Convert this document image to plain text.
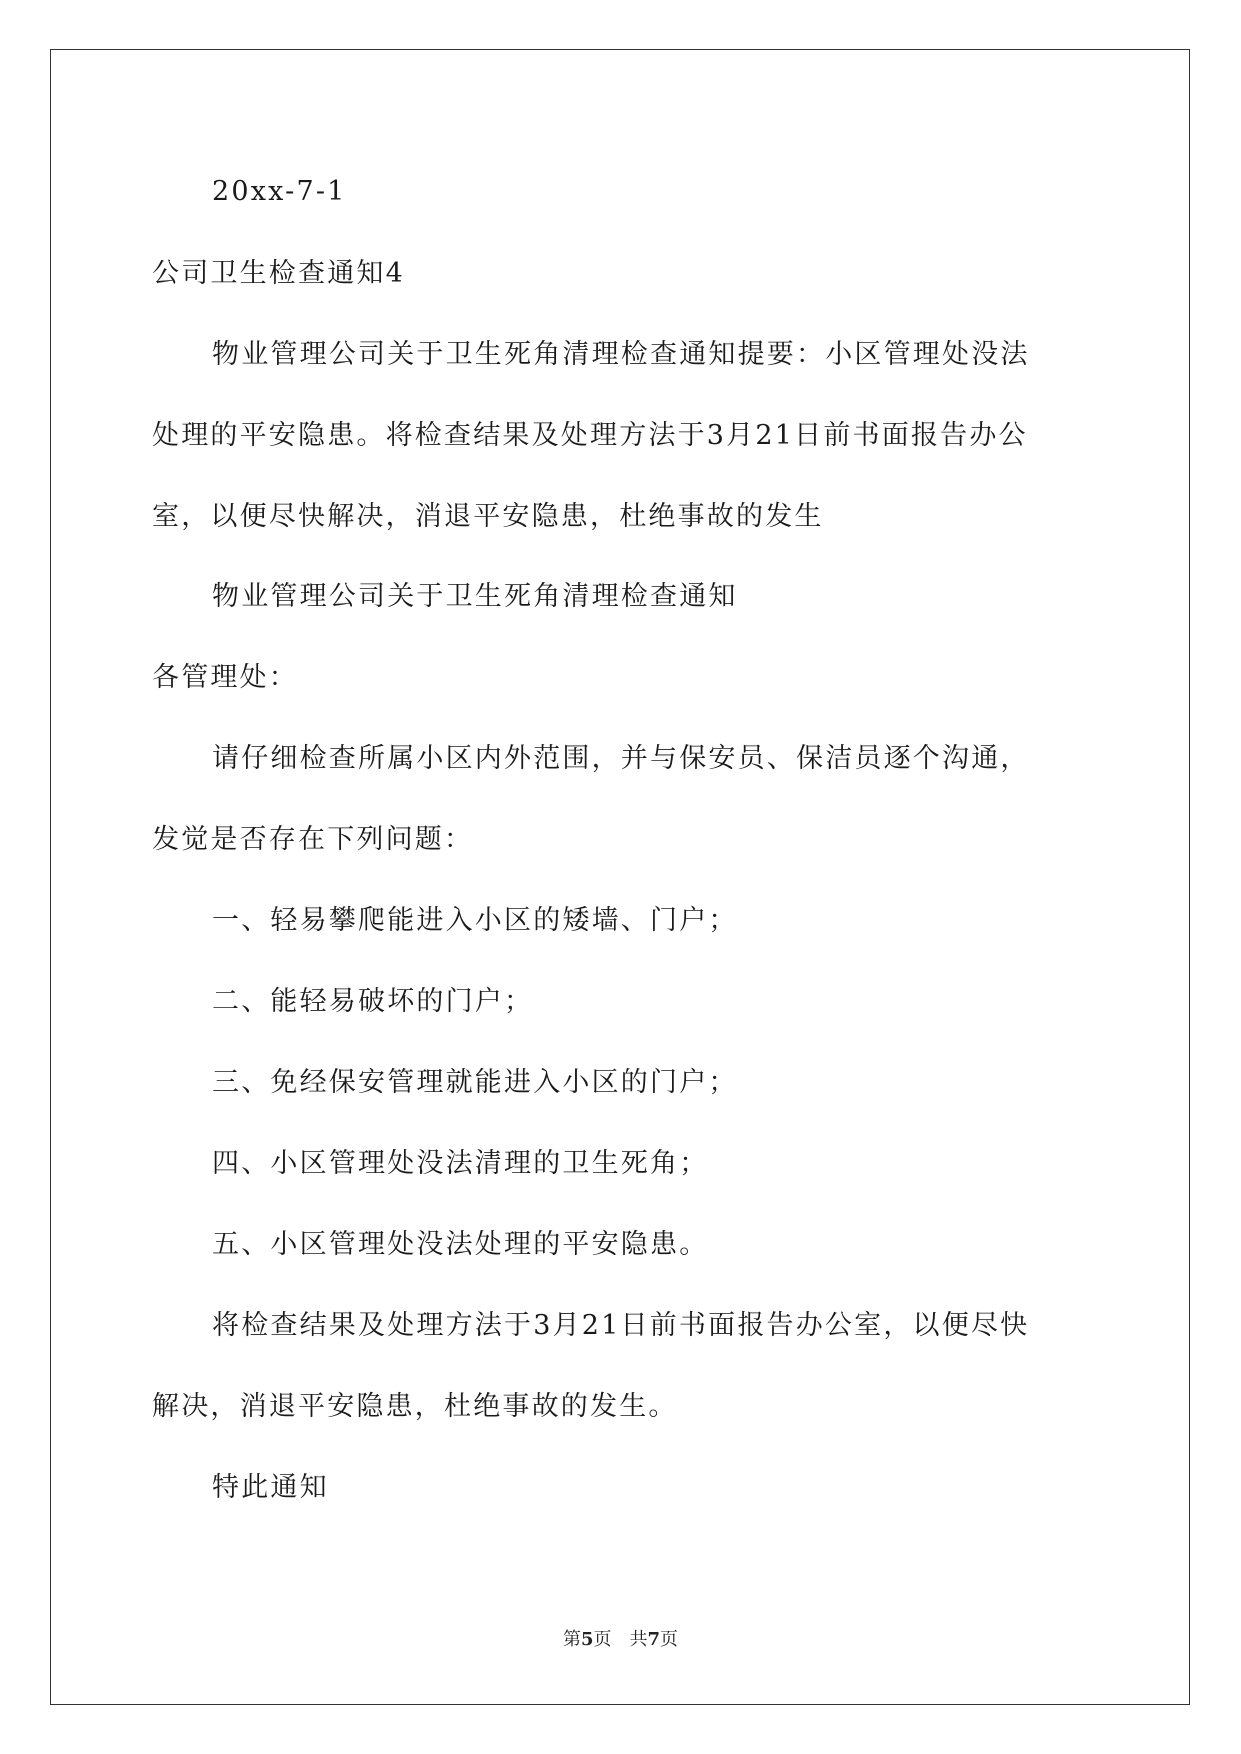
20xx-7-1
公司卫生检查通知4
物业管理公司关于卫生死角清理检查通知提要：小区管理处没法
处理的平安隐患。将检查结果及处理方法于3月21日前书面报告办公
室，以便尽快解决，消退平安隐患，杜绝事故的发生
物业管理公司关于卫生死角清理检查通知
各管理处：
请仔细检查所属小区内外范围，并与保安员、保洁员逐个沟通，
发觉是否存在下列问题：
一、轻易攀爬能进入小区的矮墙、门户；
二、能轻易破坏的门户；
三、免经保安管理就能进入小区的门户；
四、小区管理处没法清理的卫生死角；
五、小区管理处没法处理的平安隐患。
将检查结果及处理方法于3月21日前书面报告办公室，以便尽快
解决，消退平安隐患，杜绝事故的发生。
特此通知
第5页 共7页
